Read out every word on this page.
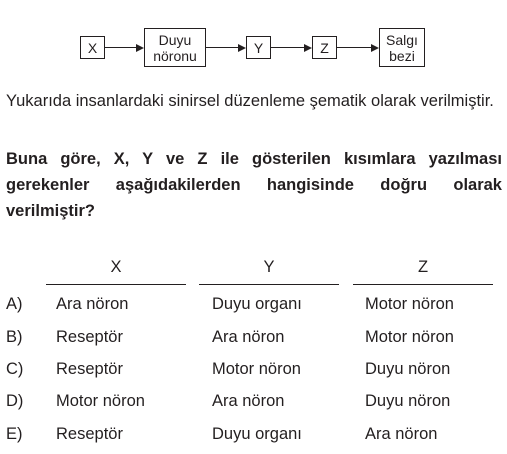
X	Duyu
nöronu	Y	Z	Salgı
bezi
Yukarıda insanlardaki sinirsel düzenleme şematik olarak verilmiştir.
Buna göre, X, Y ve Z ile gösterilen kısımlara yazılması gerekenler aşağıdakilerden hangisinde doğru olarak verilmiştir?
X	Y	Z
A) Ara nöron	Duyu organı	Motor nöron
B) Reseptör	Ara nöron	Motor nöron
C) Reseptör	Motor nöron	Duyu nöron
D) Motor nöron	Ara nöron	Duyu nöron
E) Reseptör	Duyu organı	Ara nöron
